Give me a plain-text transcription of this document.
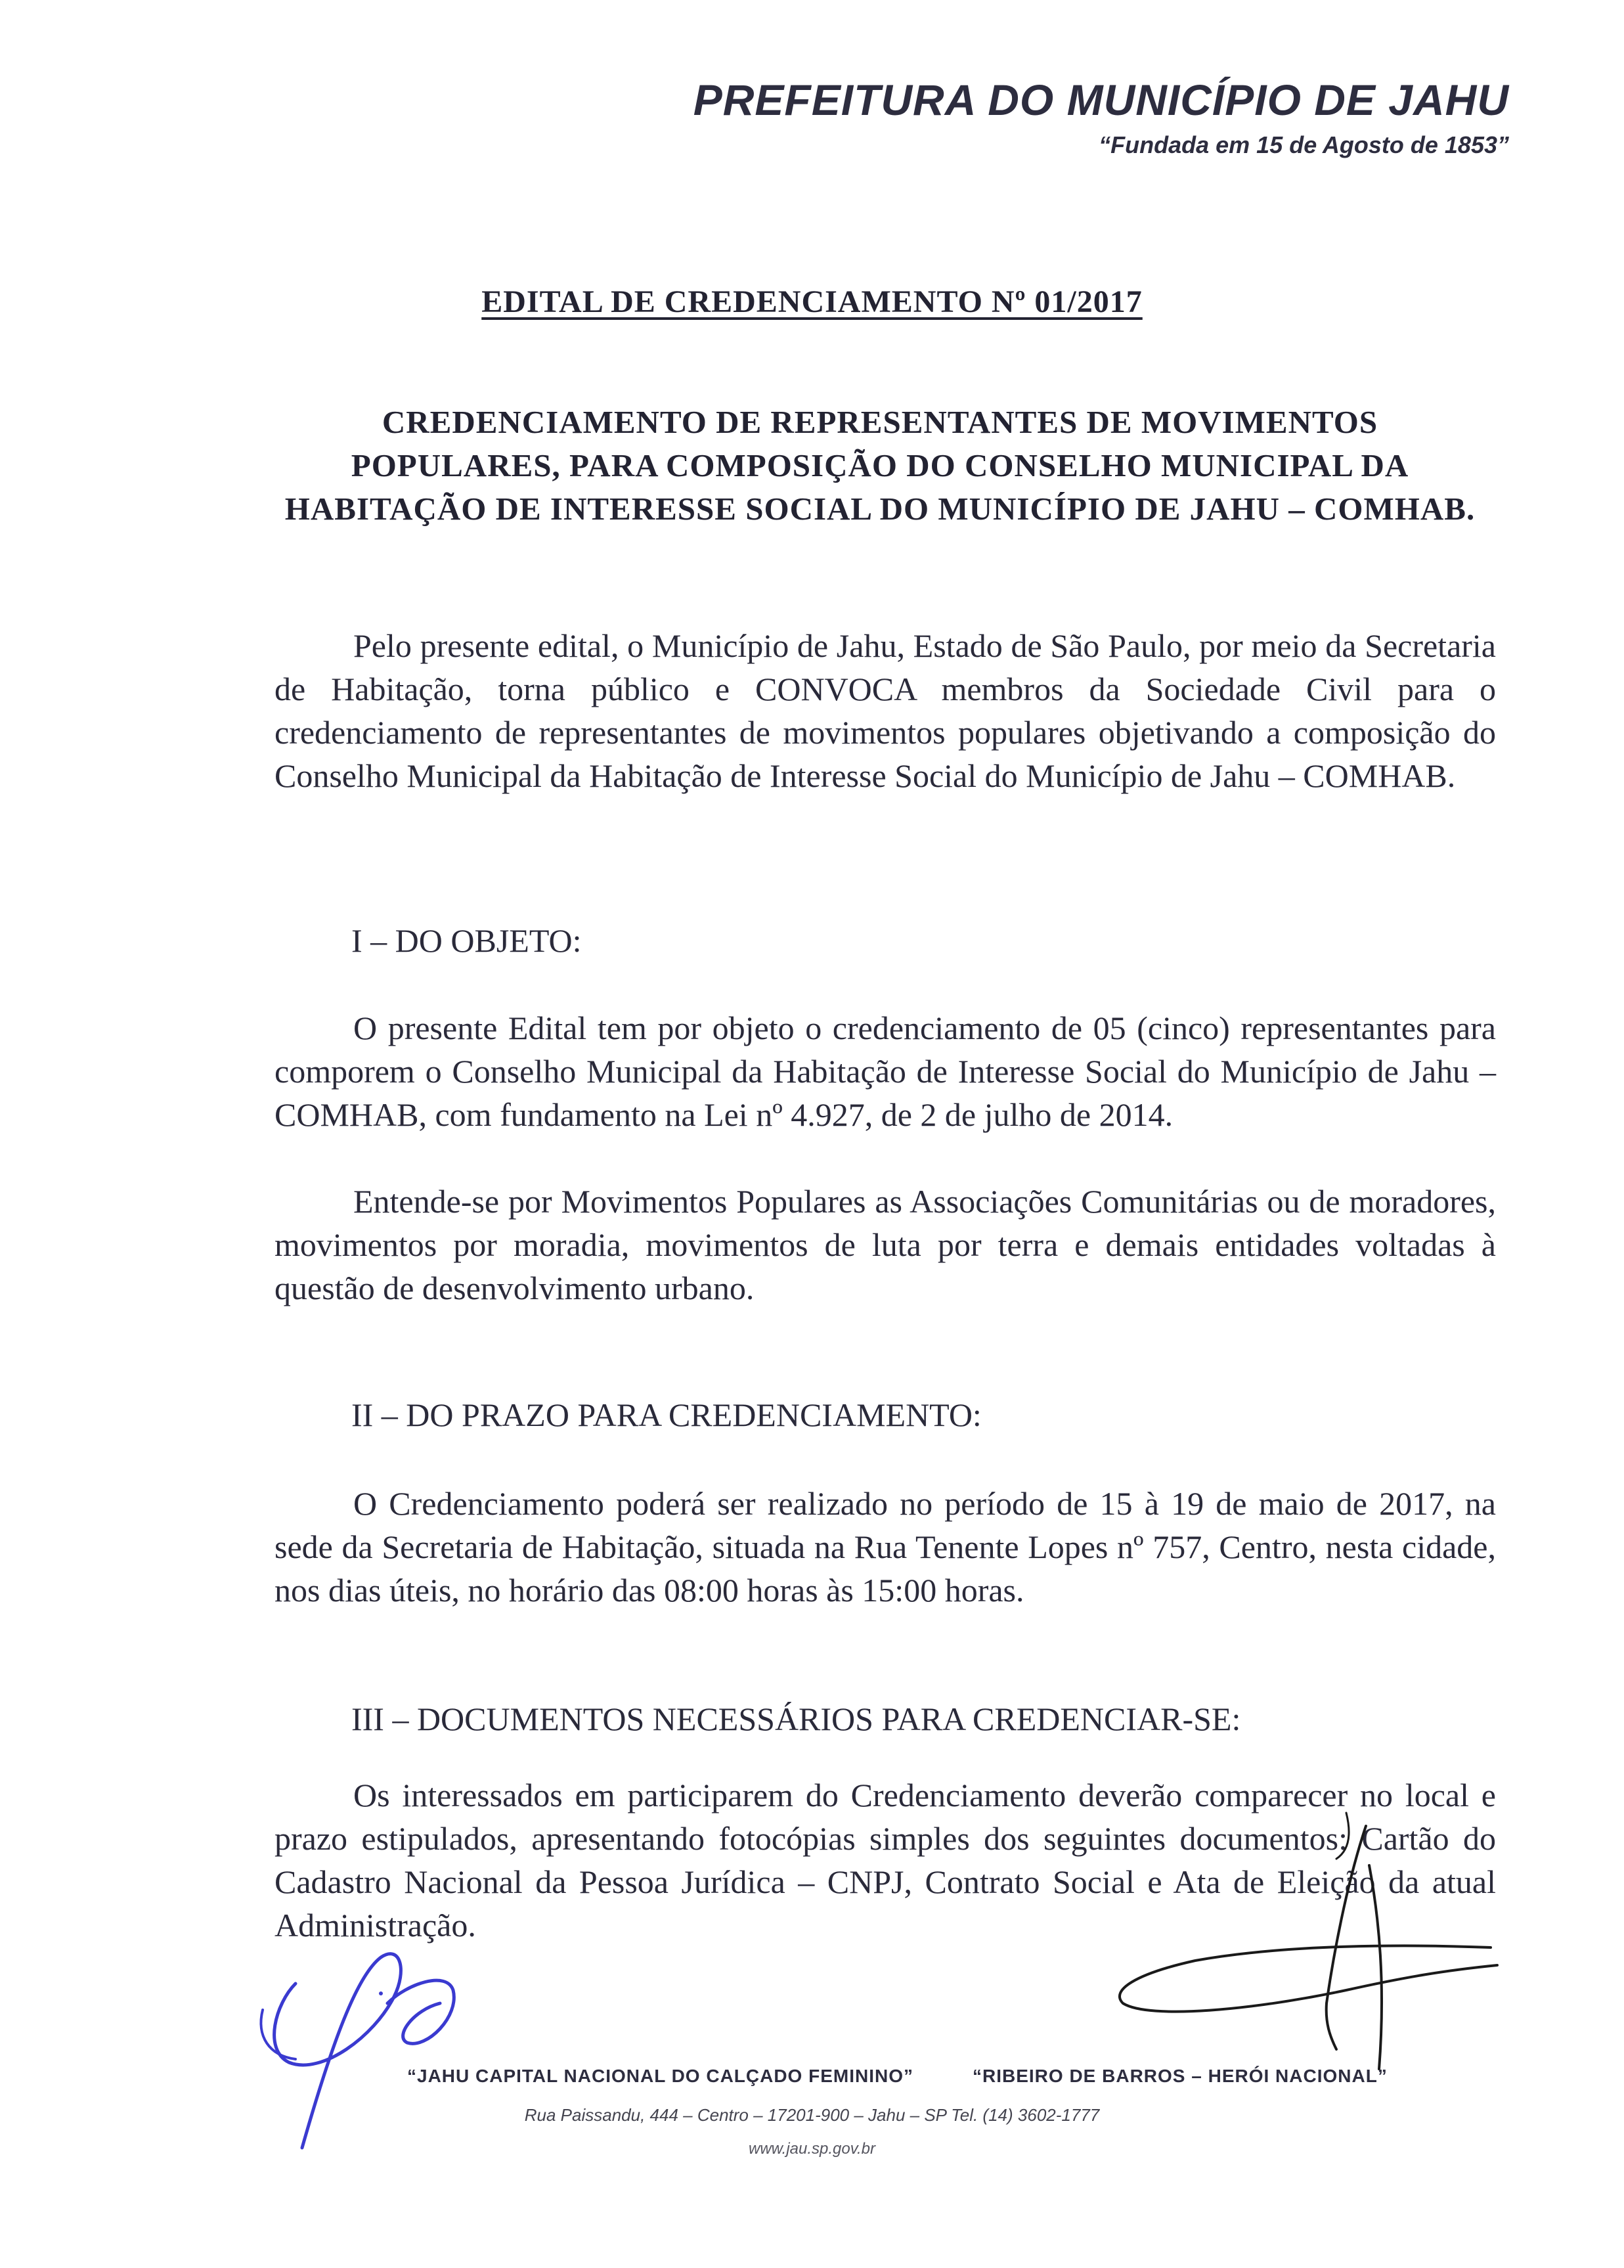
PREFEITURA DO MUNICÍPIO DE JAHU
“Fundada em 15 de Agosto de 1853”
EDITAL DE CREDENCIAMENTO Nº 01/2017
CREDENCIAMENTO DE REPRESENTANTES DE MOVIMENTOS POPULARES, PARA COMPOSIÇÃO DO CONSELHO MUNICIPAL DA HABITAÇÃO DE INTERESSE SOCIAL DO MUNICÍPIO DE JAHU – COMHAB.
Pelo presente edital, o Município de Jahu, Estado de São Paulo, por meio da Secretaria de Habitação, torna público e CONVOCA membros da Sociedade Civil para o credenciamento de representantes de movimentos populares objetivando a composição do Conselho Municipal da Habitação de Interesse Social do Município de Jahu – COMHAB.
I – DO OBJETO:
O presente Edital tem por objeto o credenciamento de 05 (cinco) representantes para comporem o Conselho Municipal da Habitação de Interesse Social do Município de Jahu – COMHAB, com fundamento na Lei nº 4.927, de 2 de julho de 2014.
Entende-se por Movimentos Populares as Associações Comunitárias ou de moradores, movimentos por moradia, movimentos de luta por terra e demais entidades voltadas à questão de desenvolvimento urbano.
II – DO PRAZO PARA CREDENCIAMENTO:
O Credenciamento poderá ser realizado no período de 15 à 19 de maio de 2017, na sede da Secretaria de Habitação, situada na Rua Tenente Lopes nº 757, Centro, nesta cidade, nos dias úteis, no horário das 08:00 horas às 15:00 horas.
III – DOCUMENTOS NECESSÁRIOS PARA CREDENCIAR-SE:
Os interessados em participarem do Credenciamento deverão comparecer no local e prazo estipulados, apresentando fotocópias simples dos seguintes documentos: Cartão do Cadastro Nacional da Pessoa Jurídica – CNPJ, Contrato Social e Ata de Eleição da atual Administração.
“JAHU CAPITAL NACIONAL DO CALÇADO FEMININO”	“RIBEIRO DE BARROS – HERÓI NACIONAL”
Rua Paissandu, 444 – Centro – 17201-900 – Jahu – SP Tel. (14) 3602-1777
www.jau.sp.gov.br
